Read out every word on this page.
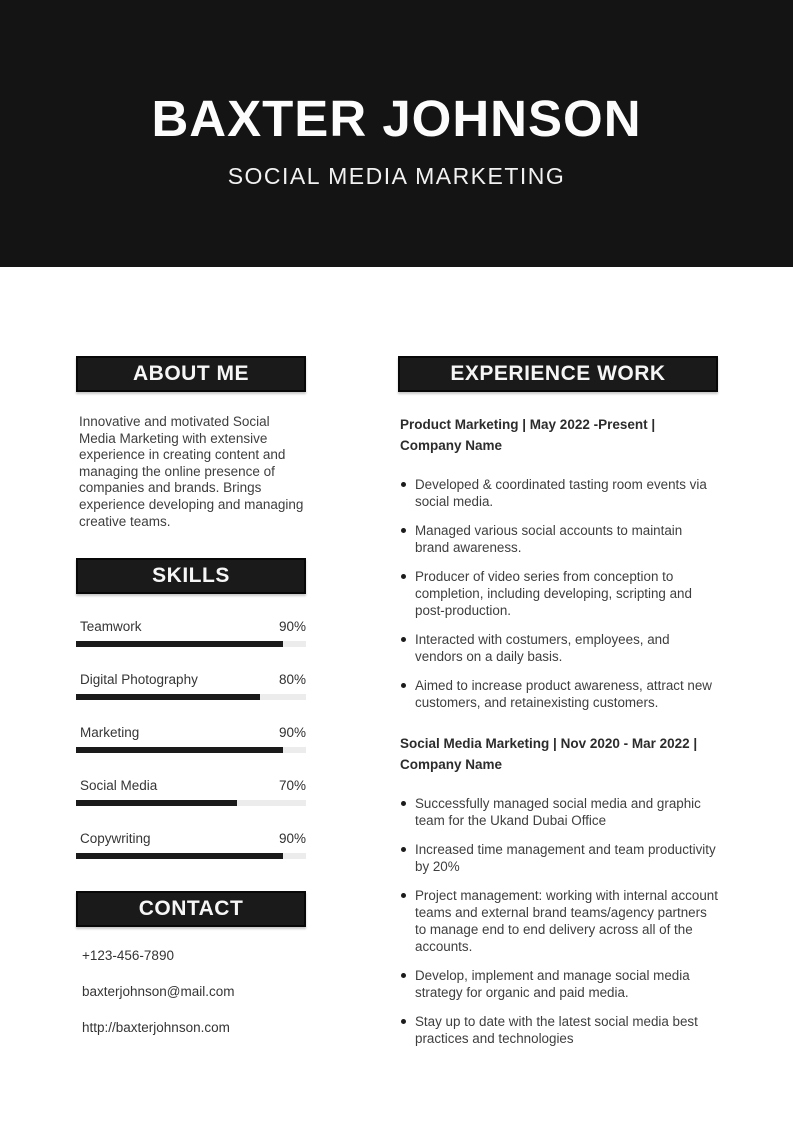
BAXTER JOHNSON
SOCIAL MEDIA MARKETING
ABOUT ME

Innovative and motivated Social Media Marketing with extensive experience in creating content and managing the online presence of companies and brands. Brings experience developing and managing creative teams.

SKILLS
Teamwork	90%
Digital Photography	80%
Marketing	90%
Social Media	70%
Copywriting	90%
CONTACT
+123-456-7890
baxterjohnson@mail.com
http://baxterjohnson.com
EXPERIENCE WORK
Product Marketing | May 2022 -Present | Company Name
Developed & coordinated tasting room events via social media.
Managed various social accounts to maintain brand awareness.
Producer of video series from conception to completion, including developing, scripting and post-production.
Interacted with costumers, employees, and vendors on a daily basis.
Aimed to increase product awareness, attract new customers, and retainexisting customers.
Social Media Marketing | Nov 2020 - Mar 2022 | Company Name
Successfully managed social media and graphic team for the Ukand Dubai Office
Increased time management and team productivity by 20%
Project management: working with internal account teams and external brand teams/agency partners to manage end to end delivery across all of the accounts.
Develop, implement and manage social media strategy for organic and paid media.
Stay up to date with the latest social media best practices and technologies
